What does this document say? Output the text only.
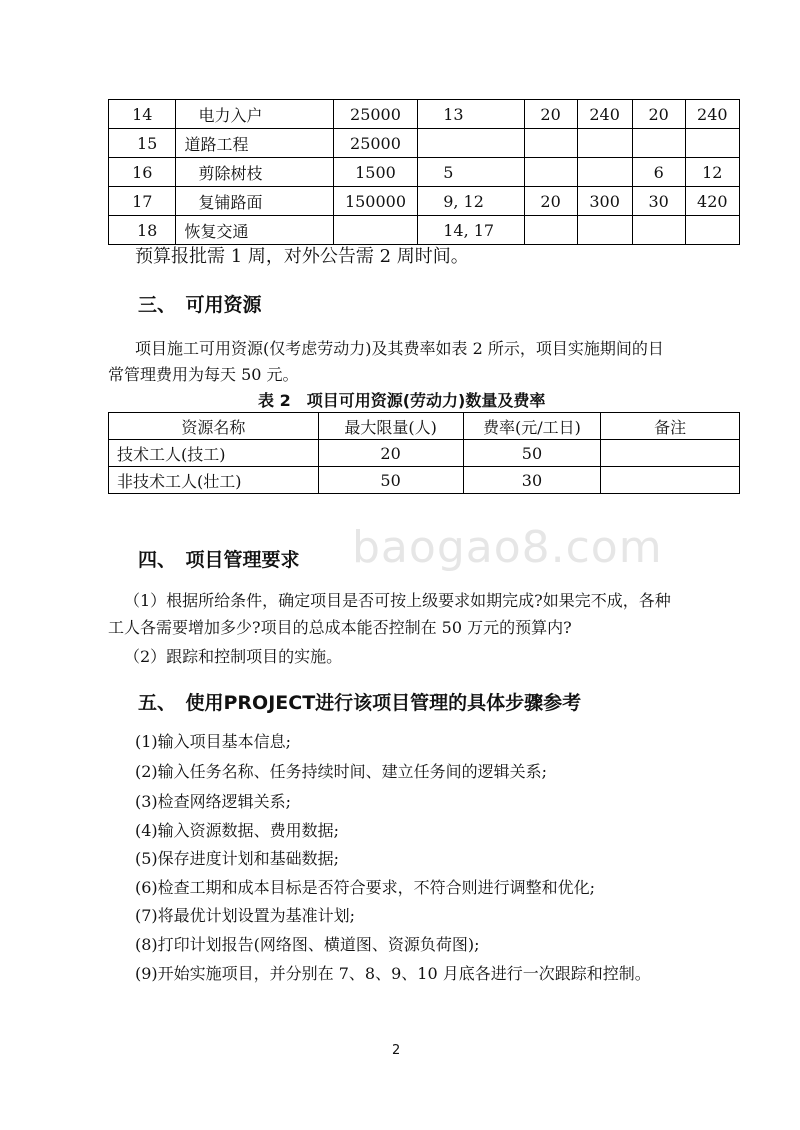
14	电力入户	25000	13	20	240	20	240
15	道路工程	25000					
16	剪除树枝	1500	5			6	12
17	复铺路面	150000	9, 12	20	300	30	420
18	恢复交通		14, 17				
预算报批需 1 周，对外公告需 2 周时间。
三、　可用资源
项目施工可用资源(仅考虑劳动力)及其费率如表 2 所示，项目实施期间的日
常管理费用为每天 50 元。
表 2　项目可用资源(劳动力)数量及费率
资源名称	最大限量(人)	费率(元/工日)	备注
技术工人(技工)	20	50	
非技术工人(壮工)	50	30	
baogao8.com
四、　项目管理要求
（1）根据所给条件，确定项目是否可按上级要求如期完成?如果完不成，各种
工人各需要增加多少?项目的总成本能否控制在 50 万元的预算内?
（2）跟踪和控制项目的实施。
五、　使用PROJECT进行该项目管理的具体步骤参考
(1)输入项目基本信息;
(2)输入任务名称、任务持续时间、建立任务间的逻辑关系;
(3)检查网络逻辑关系;
(4)输入资源数据、费用数据;
(5)保存进度计划和基础数据;
(6)检查工期和成本目标是否符合要求，不符合则进行调整和优化;
(7)将最优计划设置为基准计划;
(8)打印计划报告(网络图、横道图、资源负荷图);
(9)开始实施项目，并分别在 7、8、9、10 月底各进行一次跟踪和控制。
2
